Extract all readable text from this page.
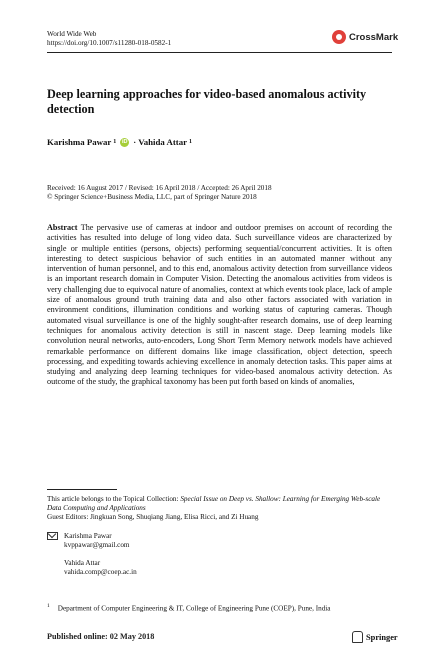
World Wide Web
https://doi.org/10.1007/s11280-018-0582-1
CrossMark
Deep learning approaches for video-based anomalous activity detection
Karishma Pawar 1	iD · Vahida Attar 1
Received: 16 August 2017 / Revised: 16 April 2018 / Accepted: 26 April 2018
© Springer Science+Business Media, LLC, part of Springer Nature 2018

Abstract The pervasive use of cameras at indoor and outdoor premises on account of recording the activities has resulted into deluge of long video data. Such surveillance videos are characterized by single or multiple entities (persons, objects) performing sequential/concurrent activities. It is often interesting to detect suspicious behavior of such entities in an automated manner without any intervention of human personnel, and to this end, anomalous activity detection from surveillance videos is an important research domain in Computer Vision. Detecting the anomalous activities from videos is very challenging due to equivocal nature of anomalies, context at which events took place, lack of ample size of anomalous ground truth training data and also other factors associated with variation in environment conditions, illumination conditions and working status of capturing cameras. Though automated visual surveillance is one of the highly sought-after research domains, use of deep learning techniques for anomalous activity detection is still in nascent stage. Deep learning models like convolution neural networks, auto-encoders, Long Short Term Memory network models have achieved remarkable performance on different domains like image classification, object detection, speech processing, and expediting towards achieving excellence in anomaly detection tasks. This paper aims at studying and analyzing deep learning techniques for video-based anomalous activity detection. As outcome of the study, the graphical taxonomy has been put forth based on kinds of anomalies,

This article belongs to the Topical Collection: Special Issue on Deep vs. Shallow: Learning for Emerging Web-scale Data Computing and Applications
Guest Editors: Jingkuan Song, Shuqiang Jiang, Elisa Ricci, and Zi Huang
Karishma Pawar
kvppawar@gmail.com
Vahida Attar
vahida.comp@coep.ac.in
$^1$ Department of Computer Engineering & IT, College of Engineering Pune (COEP), Pune, India
Published online: 02 May 2018	Springer
